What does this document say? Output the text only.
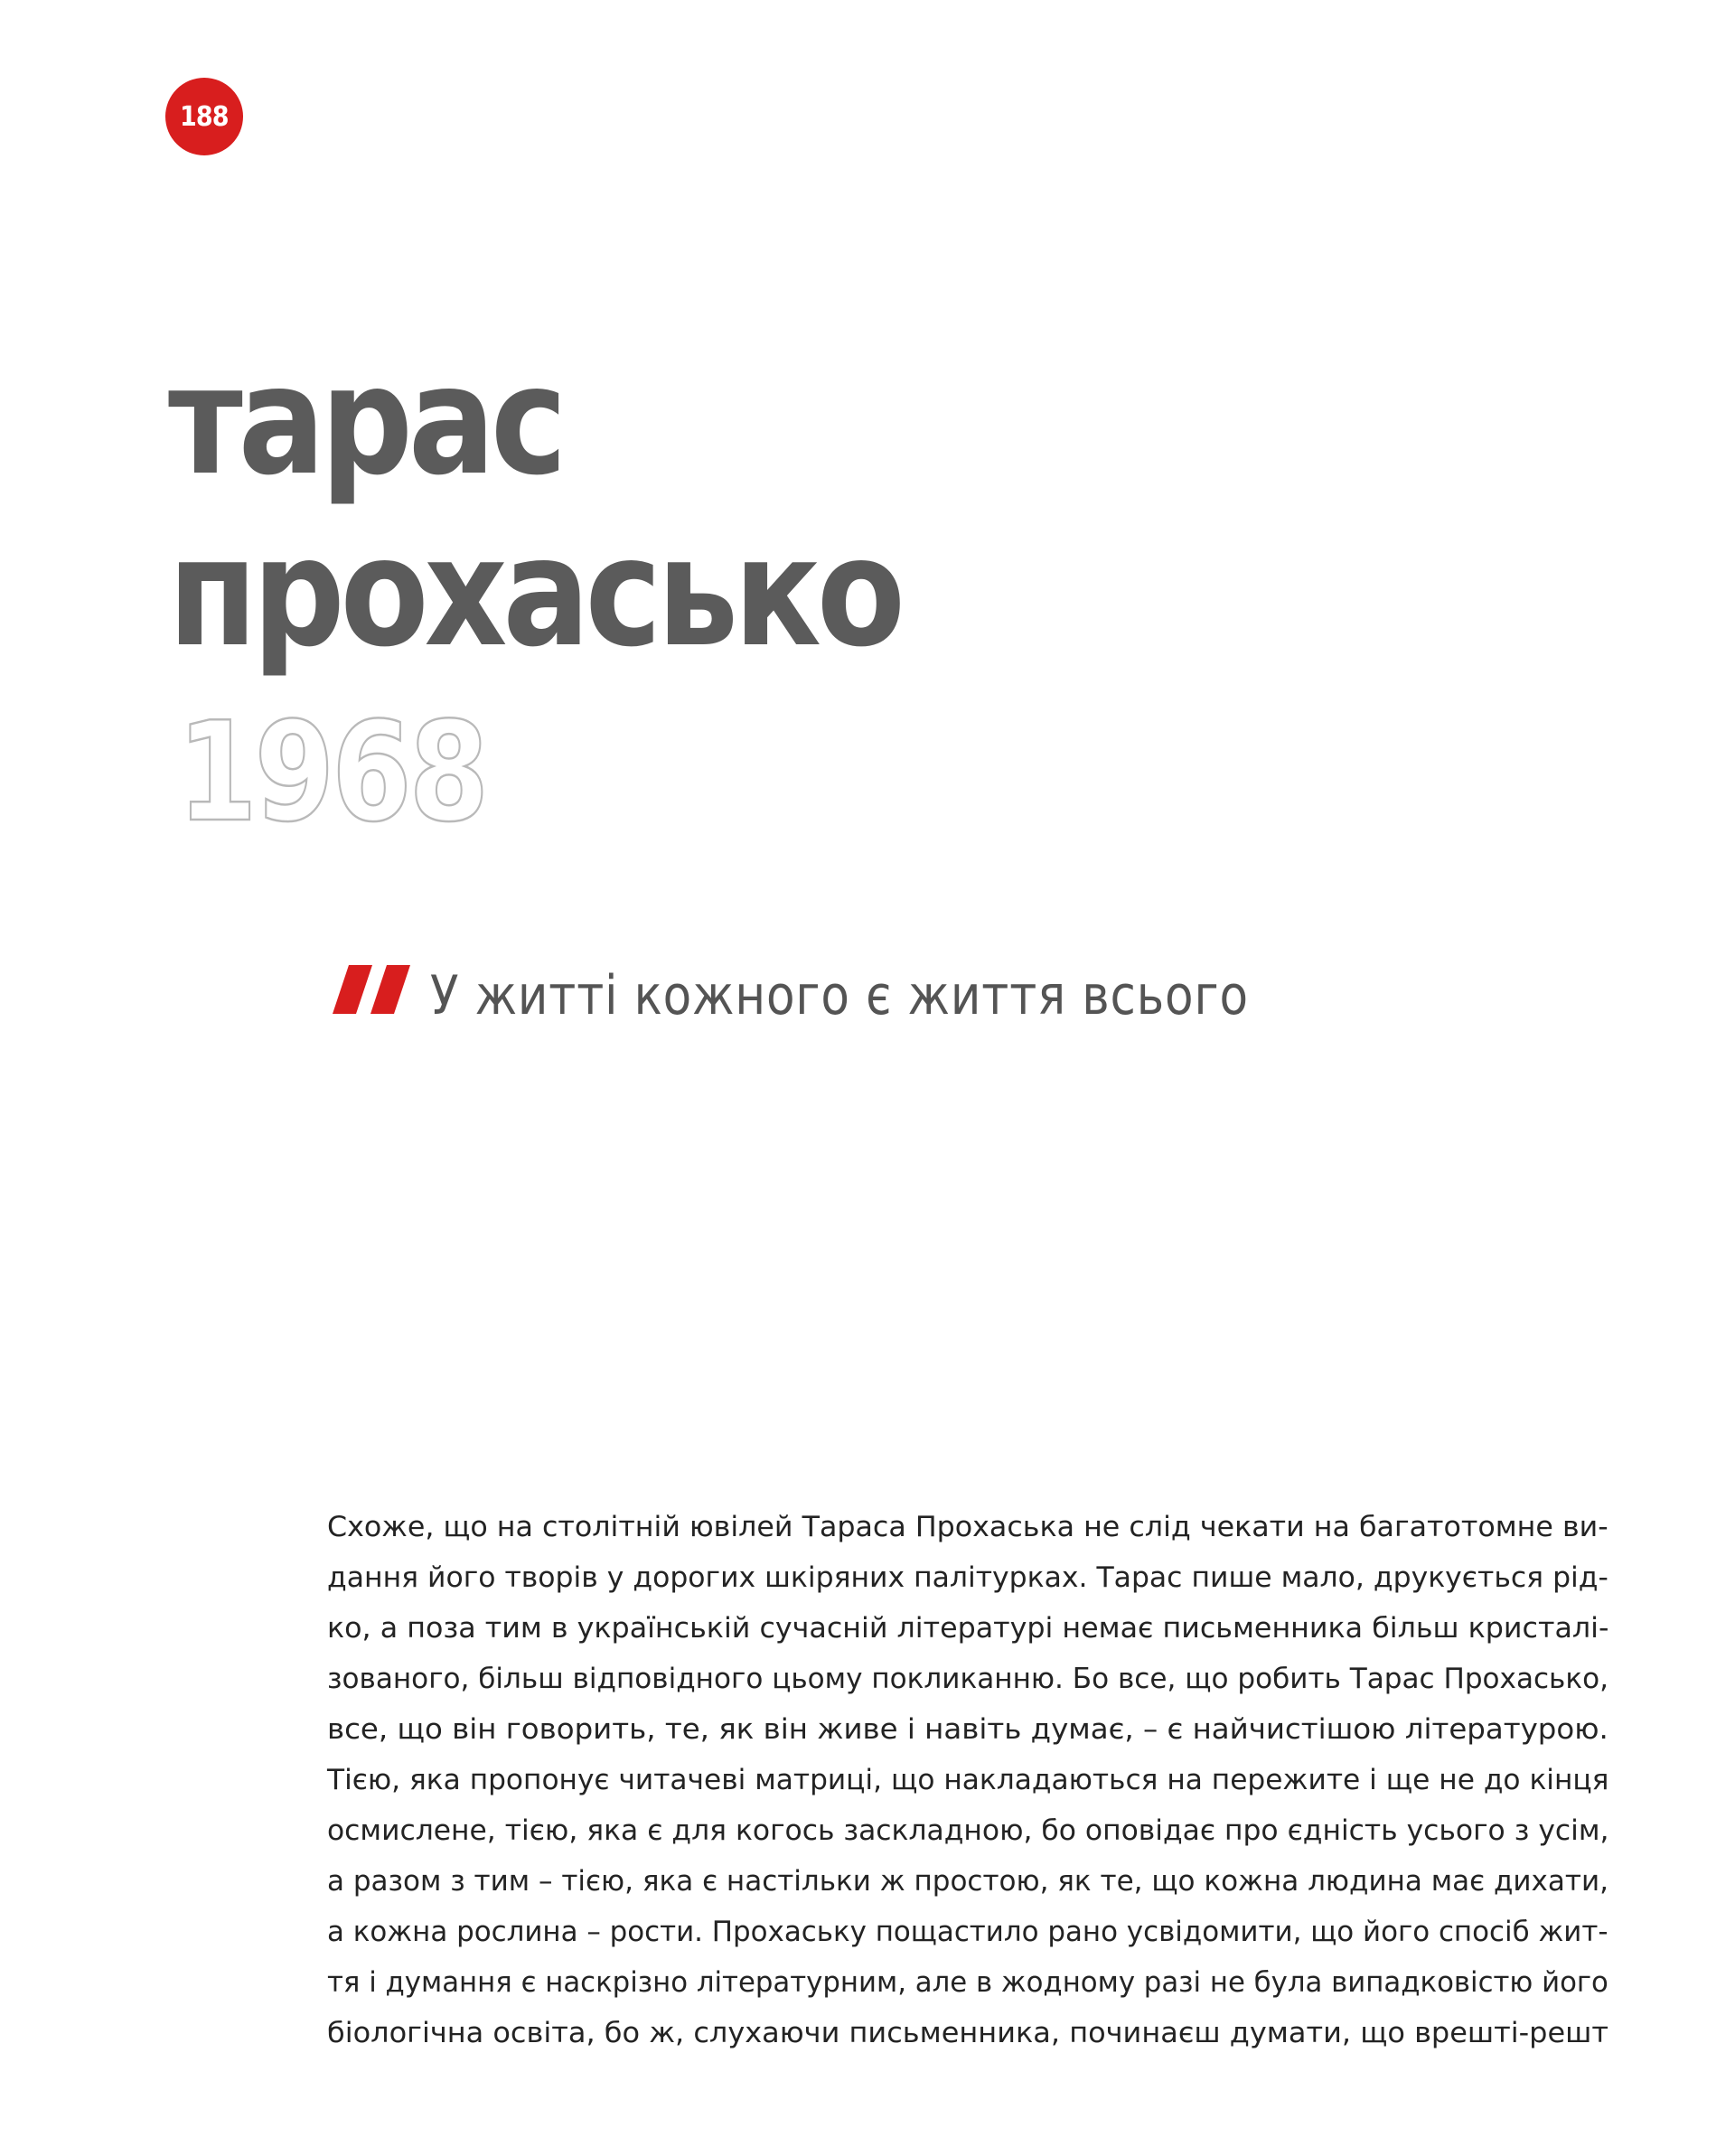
188
тарас
прохасько
1968
У житті кожного є життя всього
Схоже, що на столітній ювілей Тараса Прохаська не слід чекати на багатотомне ви-
дання його творів у дорогих шкіряних палітурках. Тарас пише мало, друкується рід-
ко, а поза тим в українській сучасній літературі немає письменника більш кристалі-
зованого, більш відповідного цьому покликанню. Бо все, що робить Тарас Прохасько,
все, що він говорить, те, як він живе і навіть думає, – є найчистішою літературою.
Тією, яка пропонує читачеві матриці, що накладаються на пережите і ще не до кінця
осмислене, тією, яка є для когось заскладною, бо оповідає про єдність усього з усім,
а разом з тим – тією, яка є настільки ж простою, як те, що кожна людина має дихати,
а кожна рослина – рости. Прохаську пощастило рано усвідомити, що його спосіб жит-
тя і думання є наскрізно літературним, але в жодному разі не була випадковістю його
біологічна освіта, бо ж, слухаючи письменника, починаєш думати, що врешті-решт
